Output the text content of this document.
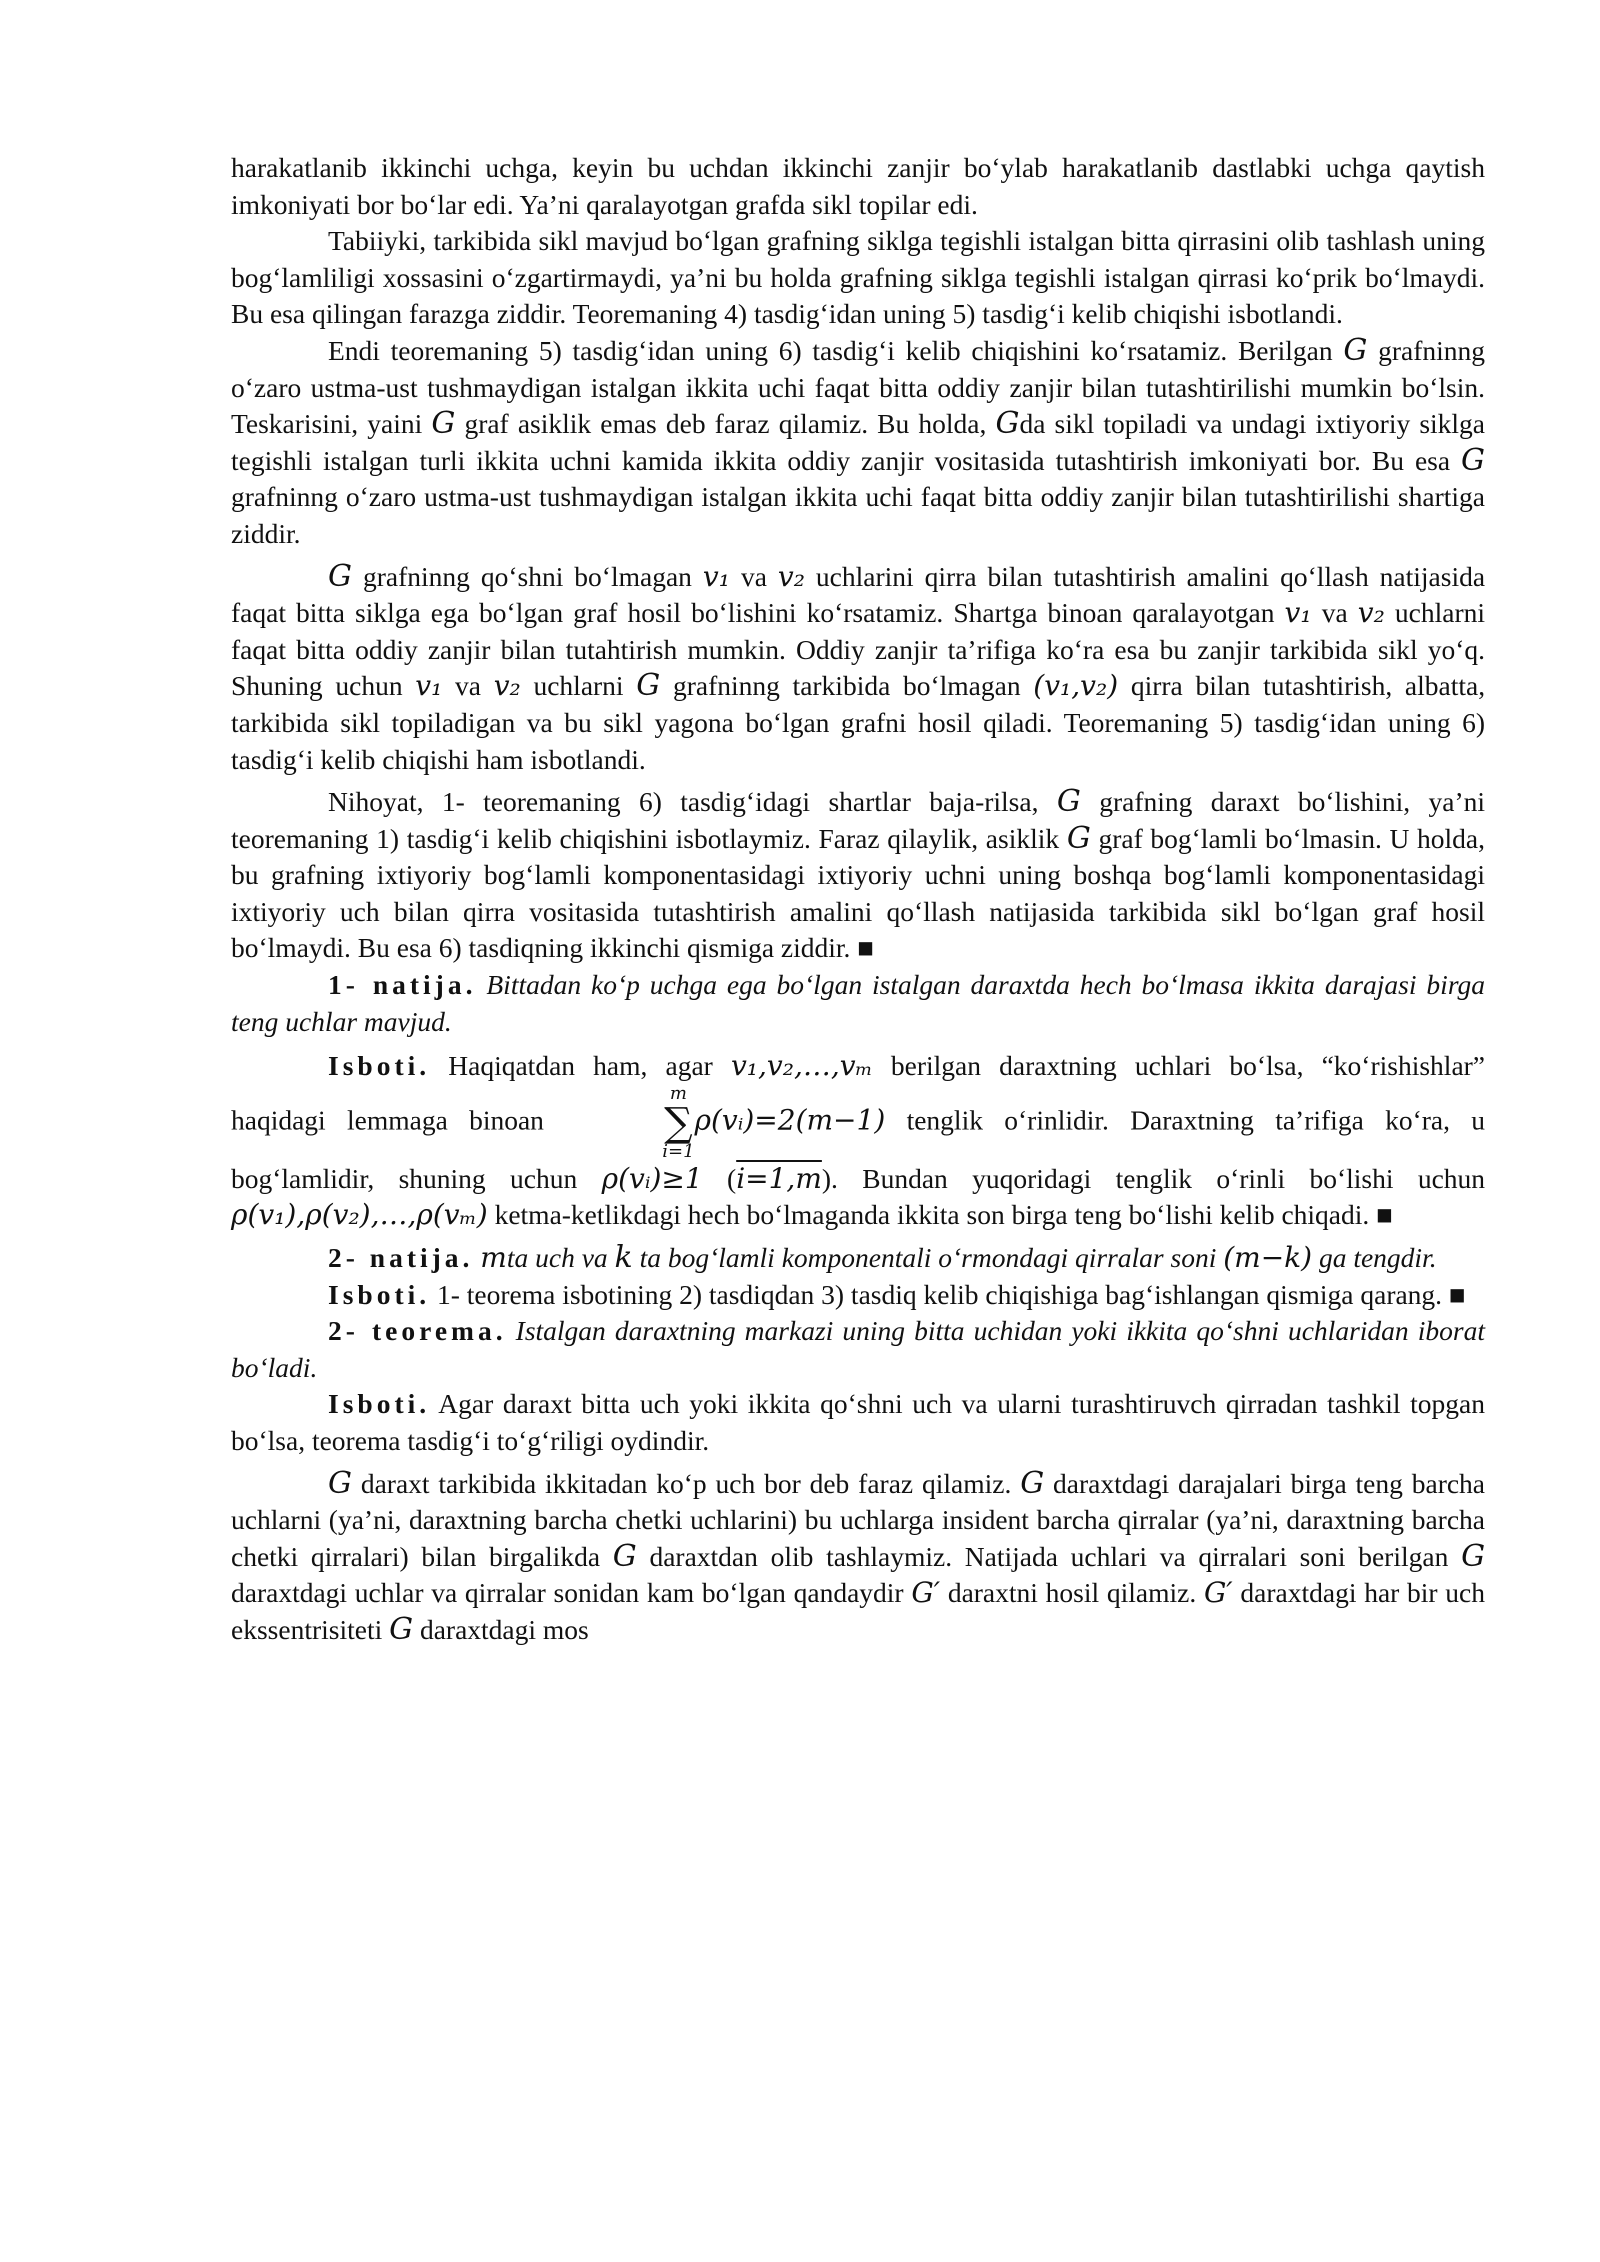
harakatlanib ikkinchi uchga, keyin bu uchdan ikkinchi zanjir bo‘ylab harakatlanib dastlabki uchga qaytish imkoniyati bor bo‘lar edi. Ya’ni qaralayotgan grafda sikl topilar edi.

Tabiiyki, tarkibida sikl mavjud bo‘lgan grafning siklga tegishli istalgan bitta qirrasini olib tashlash uning bog‘lamliligi xossasini o‘zgartirmaydi, ya’ni bu holda grafning siklga tegishli istalgan qirrasi ko‘prik bo‘lmaydi. Bu esa qilingan farazga ziddir. Teoremaning 4) tasdig‘idan uning 5) tasdig‘i kelib chiqishi isbotlandi.

Endi teoremaning 5) tasdig‘idan uning 6) tasdig‘i kelib chiqishini ko‘rsatamiz. Berilgan G grafninng o‘zaro ustma-ust tushmaydigan istalgan ikkita uchi faqat bitta oddiy zanjir bilan tutashtirilishi mumkin bo‘lsin. Teskarisini, yaini G graf asiklik emas deb faraz qilamiz. Bu holda, Gda sikl topiladi va undagi ixtiyoriy siklga tegishli istalgan turli ikkita uchni kamida ikkita oddiy zanjir vositasida tutashtirish imkoniyati bor. Bu esa G grafninng o‘zaro ustma-ust tushmaydigan istalgan ikkita uchi faqat bitta oddiy zanjir bilan tutashtirilishi shartiga ziddir.

G grafninng qo‘shni bo‘lmagan v₁ va v₂ uchlarini qirra bilan tutashtirish amalini qo‘llash natijasida faqat bitta siklga ega bo‘lgan graf hosil bo‘lishini ko‘rsatamiz. Shartga binoan qaralayotgan v₁ va v₂ uchlarni faqat bitta oddiy zanjir bilan tutahtirish mumkin. Oddiy zanjir ta’rifiga ko‘ra esa bu zanjir tarkibida sikl yo‘q. Shuning uchun v₁ va v₂ uchlarni G grafninng tarkibida bo‘lmagan (v₁,v₂) qirra bilan tutashtirish, albatta, tarkibida sikl topiladigan va bu sikl yagona bo‘lgan grafni hosil qiladi. Teoremaning 5) tasdig‘idan uning 6) tasdig‘i kelib chiqishi ham isbotlandi.

Nihoyat, 1- teoremaning 6) tasdig‘idagi shartlar baja-rilsa, G grafning daraxt bo‘lishini, ya’ni teoremaning 1) tasdig‘i kelib chiqishini isbotlaymiz. Faraz qilaylik, asiklik G graf bog‘lamli bo‘lmasin. U holda, bu grafning ixtiyoriy bog‘lamli komponentasidagi ixtiyoriy uchni uning boshqa bog‘lamli komponentasidagi ixtiyoriy uch bilan qirra vositasida tutashtirish amalini qo‘llash natijasida tarkibida sikl bo‘lgan graf hosil bo‘lmaydi. Bu esa 6) tasdiqning ikkinchi qismiga ziddir. ■

1- natija. Bittadan ko‘p uchga ega bo‘lgan istalgan daraxtda hech bo‘lmasa ikkita darajasi birga teng uchlar mavjud.

Isboti. Haqiqatdan ham, agar v₁,v₂,…,vₘ berilgan daraxtning uchlari bo‘lsa, “ko‘rishishlar” haqidagi lemmaga binoan
m
∑
i=1
ρ(vᵢ)=2(m−1) tenglik o‘rinlidir. Daraxtning ta’rifiga ko‘ra, u bog‘lamlidir, shuning uchun ρ(vᵢ)≥1 (i=1,m). Bundan yuqoridagi tenglik o‘rinli bo‘lishi uchun ρ(v₁),ρ(v₂),…,ρ(vₘ) ketma-ketlikdagi hech bo‘lmaganda ikkita son birga teng bo‘lishi kelib chiqadi. ■

2- natija. mta uch va k ta bog‘lamli komponentali o‘rmondagi qirralar soni (m−k) ga tengdir.

Isboti. 1- teorema isbotining 2) tasdiqdan 3) tasdiq kelib chiqishiga bag‘ishlangan qismiga qarang. ■

2- teorema. Istalgan daraxtning markazi uning bitta uchidan yoki ikkita qo‘shni uchlaridan iborat bo‘ladi.

Isboti. Agar daraxt bitta uch yoki ikkita qo‘shni uch va ularni turashtiruvch qirradan tashkil topgan bo‘lsa, teorema tasdig‘i to‘g‘riligi oydindir.

G daraxt tarkibida ikkitadan ko‘p uch bor deb faraz qilamiz. G daraxtdagi darajalari birga teng barcha uchlarni (ya’ni, daraxtning barcha chetki uchlarini) bu uchlarga insident barcha qirralar (ya’ni, daraxtning barcha chetki qirralari) bilan birgalikda G daraxtdan olib tashlaymiz. Natijada uchlari va qirralari soni berilgan G daraxtdagi uchlar va qirralar sonidan kam bo‘lgan qandaydir G′ daraxtni hosil qilamiz. G′ daraxtdagi har bir uch ekssentrisiteti G daraxtdagi mos
